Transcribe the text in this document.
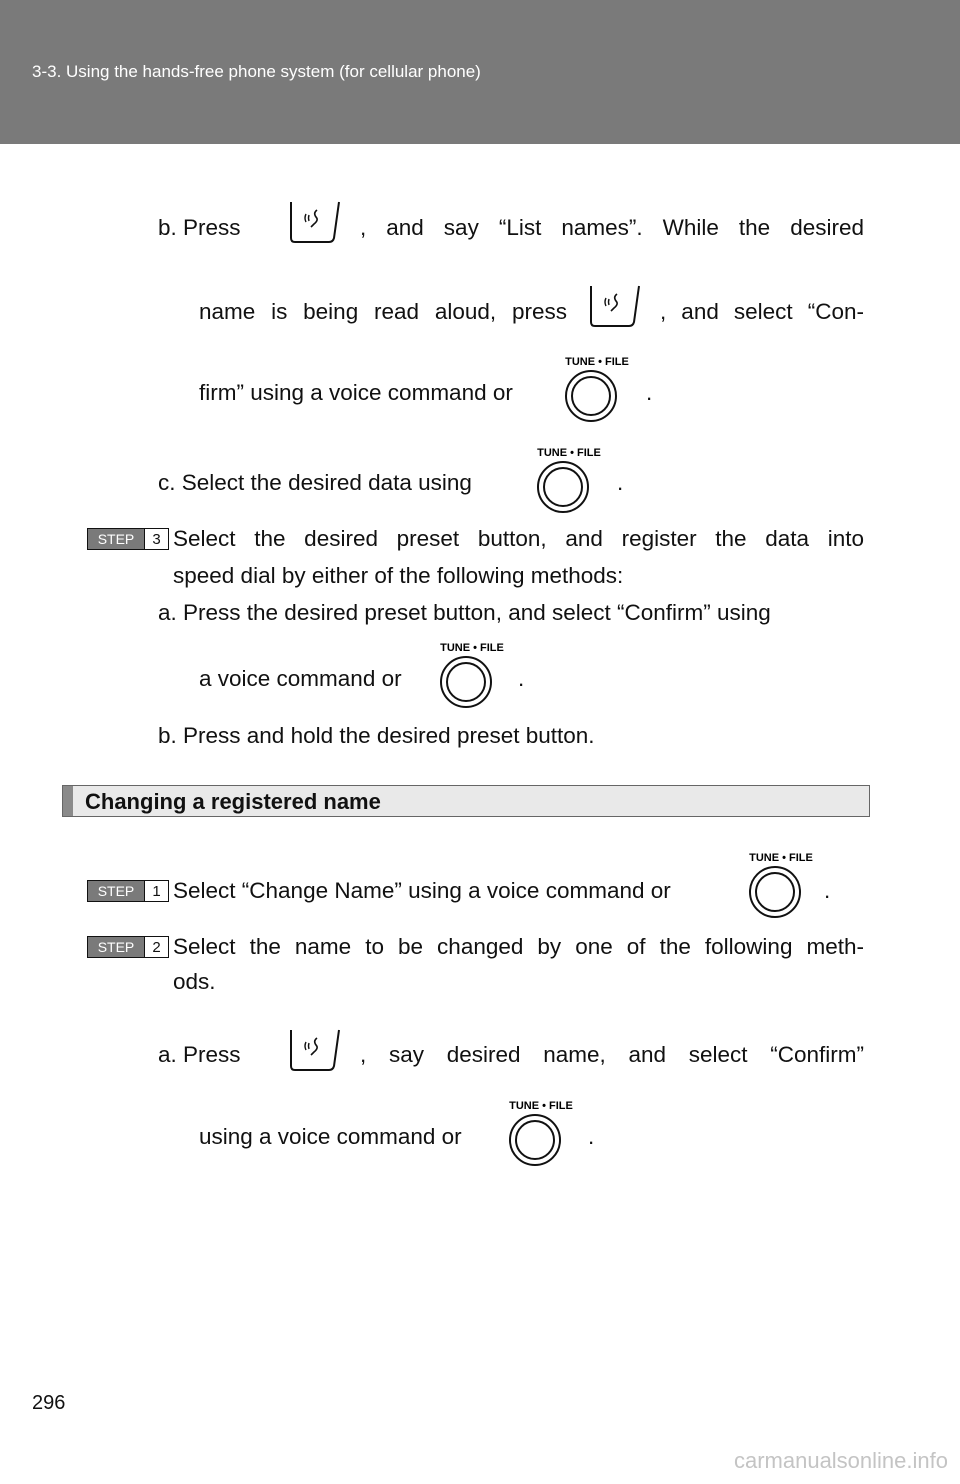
3-3. Using the hands-free phone system (for cellular phone)
b. Press	, and say “List names”. While the desired
name is being read aloud, press	, and select “Con-
firm” using a voice command or
TUNE • FILE
.
c. Select the desired data using
TUNE • FILE
.
STEP	3 Select the desired preset button, and register the data into
speed dial by either of the following methods:
a. Press the desired preset button, and select “Confirm” using
a voice command or
TUNE • FILE
.
b. Press and hold the desired preset button.
Changing a registered name
STEP	1 Select “Change Name” using a voice command or
TUNE • FILE
.
STEP	2 Select the name to be changed by one of the following meth-
ods.
a. Press	, say desired name, and select “Confirm”
using a voice command or
TUNE • FILE
.
296
carmanualsonline.info
